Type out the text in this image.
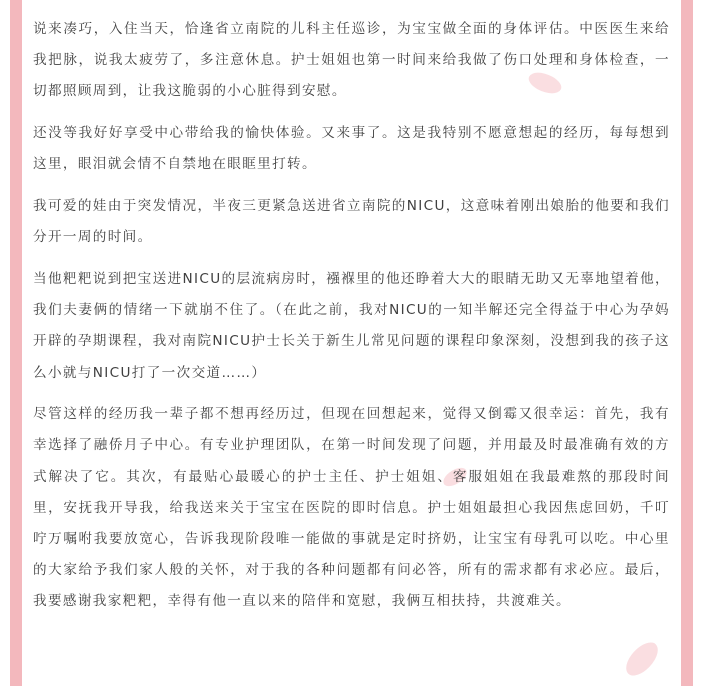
说来凑巧，入住当天，恰逢省立南院的儿科主任巡诊，为宝宝做全面的身体评估。中医医生来给我把脉，说我太疲劳了，多注意休息。护士姐姐也第一时间来给我做了伤口处理和身体检查，一切都照顾周到，让我这脆弱的小心脏得到安慰。

还没等我好好享受中心带给我的愉快体验。又来事了。这是我特别不愿意想起的经历，每每想到这里，眼泪就会情不自禁地在眼眶里打转。

我可爱的娃由于突发情况，半夜三更紧急送进省立南院的NICU，这意味着刚出娘胎的他要和我们分开一周的时间。

当他粑粑说到把宝送进NICU的层流病房时，襁褓里的他还睁着大大的眼睛无助又无辜地望着他，我们夫妻俩的情绪一下就崩不住了。（在此之前，我对NICU的一知半解还完全得益于中心为孕妈开辟的孕期课程，我对南院NICU护士长关于新生儿常见问题的课程印象深刻，没想到我的孩子这么小就与NICU打了一次交道……）

尽管这样的经历我一辈子都不想再经历过，但现在回想起来，觉得又倒霉又很幸运：首先，我有幸选择了融侨月子中心。有专业护理团队，在第一时间发现了问题，并用最及时最准确有效的方式解决了它。其次，有最贴心最暖心的护士主任、护士姐姐、客服姐姐在我最难熬的那段时间里，安抚我开导我，给我送来关于宝宝在医院的即时信息。护士姐姐最担心我因焦虑回奶，千叮咛万嘱咐我要放宽心，告诉我现阶段唯一能做的事就是定时挤奶，让宝宝有母乳可以吃。中心里的大家给予我们家人般的关怀，对于我的各种问题都有问必答，所有的需求都有求必应。最后，我要感谢我家粑粑，幸得有他一直以来的陪伴和宽慰，我俩互相扶持，共渡难关。
